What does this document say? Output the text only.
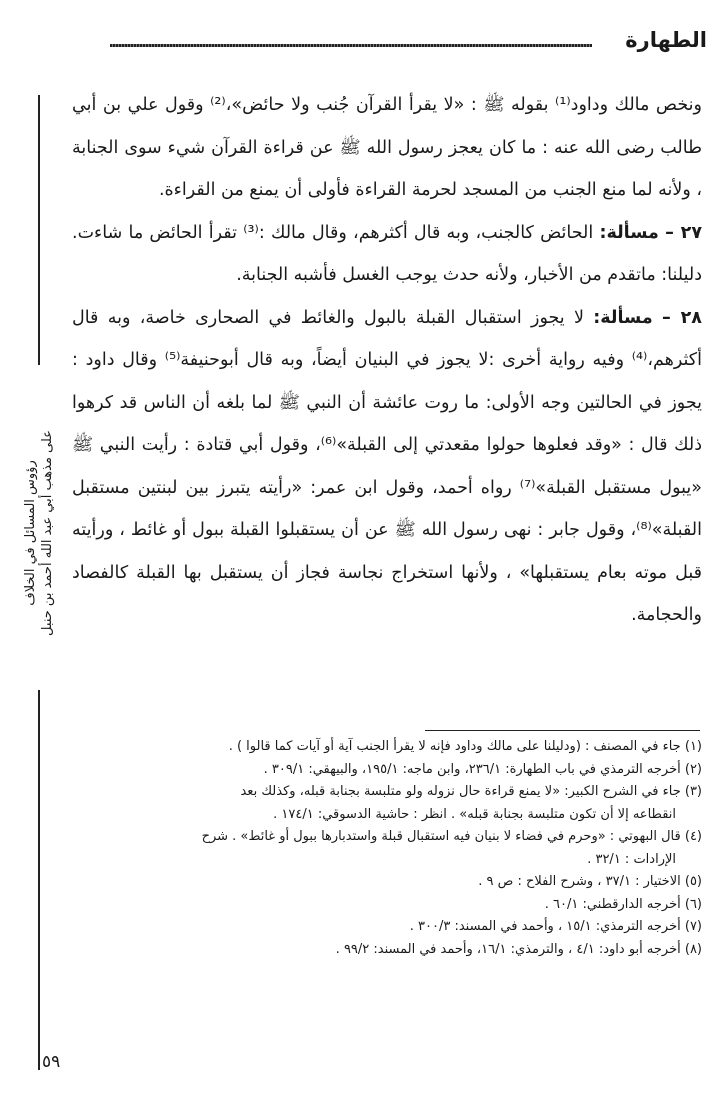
الطهارة
رؤوس المسائل في الخلاف على مذهب أبي عبد الله أحمد بن حنبل

ونخص مالك وداود⁽¹⁾ بقوله ﷺ : «لا يقرأ القرآن جُنب ولا حائض»،⁽²⁾ وقول علي بن أبي طالب رضى الله عنه : ما كان يعجز رسول الله ﷺ عن قراءة القرآن شيء سوى الجنابة ، ولأنه لما منع الجنب من المسجد لحرمة القراءة فأولى أن يمنع من القراءة.

٢٧ – مسألة: الحائض كالجنب، وبه قال أكثرهم، وقال مالك :⁽³⁾ تقرأ الحائض ما شاءت. دليلنا: ماتقدم من الأخبار، ولأنه حدث يوجب الغسل فأشبه الجنابة.

٢٨ – مسألة: لا يجوز استقبال القبلة بالبول والغائط في الصحارى خاصة، وبه قال أكثرهم،⁽⁴⁾ وفيه رواية أخرى :لا يجوز في البنيان أيضاً، وبه قال أبوحنيفة⁽⁵⁾ وقال داود : يجوز في الحالتين وجه الأولى: ما روت عائشة أن النبي ﷺ لما بلغه أن الناس قد كرهوا ذلك قال : «وقد فعلوها حولوا مقعدتي إلى القبلة»⁽⁶⁾، وقول أبي قتادة : رأيت النبي ﷺ «يبول مستقبل القبلة»⁽⁷⁾ رواه أحمد، وقول ابن عمر: «رأيته يتبرز بين لبنتين مستقبل القبلة»⁽⁸⁾، وقول جابر : نهى رسول الله ﷺ عن أن يستقبلوا القبلة ببول أو غائط ، ورأيته قبل موته بعام يستقبلها» ، ولأنها استخراج نجاسة فجاز أن يستقبل بها القبلة كالفصاد والحجامة.

(١) جاء في المصنف : (ودليلنا على مالك وداود فإنه لا يقرأ الجنب آية أو آيات كما قالوا ) .
(٢) أخرجه الترمذي في باب الطهارة: ٢٣٦/١، وابن ماجه: ١٩٥/١، والبيهقي: ٣٠٩/١ .
(٣) جاء في الشرح الكبير: «لا يمنع قراءة حال نزوله ولو متلبسة بجنابة قبله، وكذلك بعد
انقطاعه إلا أن تكون متلبسة بجنابة قبله» . انظر : حاشية الدسوقي: ١٧٤/١ .
(٤) قال البهوتي : «وحرم في فضاء لا بنيان فيه استقبال قبلة واستدبارها ببول أو غائط» . شرح
الإرادات : ٣٢/١ .
(٥) الاختيار : ٣٧/١ ، وشرح الفلاح : ص ٩ .
(٦) أخرجه الدارقطني: ٦٠/١ .
(٧) أخرجه الترمذي: ١٥/١ ، وأحمد في المسند: ٣٠٠/٣ .
(٨) أخرجه أبو داود: ٤/١ ، والترمذي: ١٦/١، وأحمد في المسند: ٩٩/٢ .
٥٩
